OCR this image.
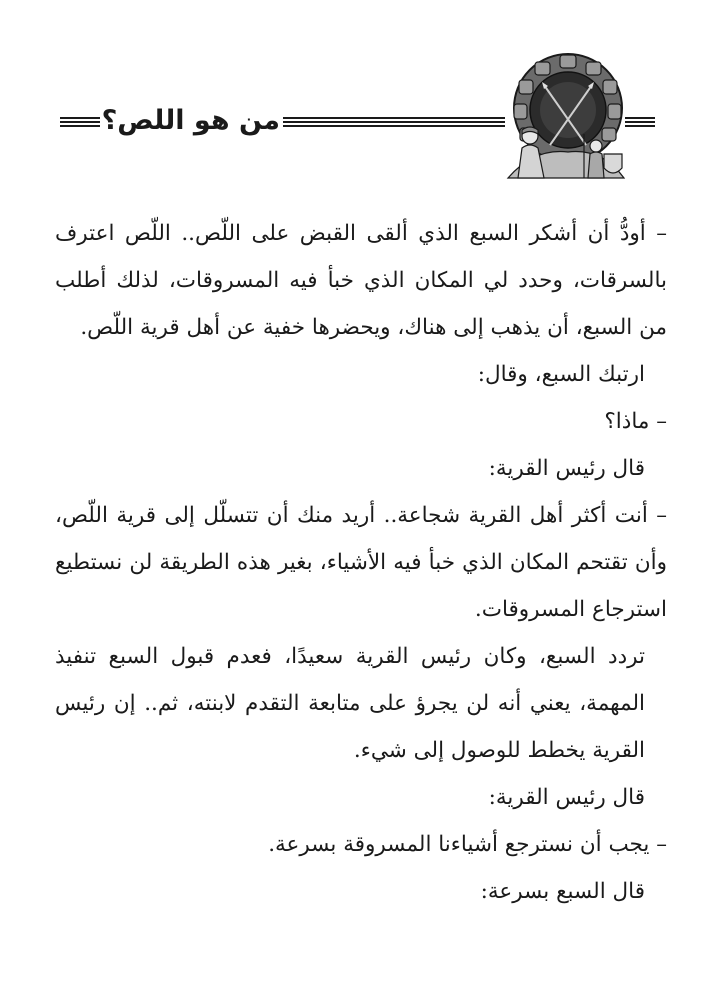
من هو اللص؟

– أودُّ أن أشكر السبع الذي ألقى القبض على اللّص.. اللّص اعترف بالسرقات، وحدد لي المكان الذي خبأ فيه المسروقات، لذلك أطلب من السبع، أن يذهب إلى هناك، ويحضرها خفية عن أهل قرية اللّص.

ارتبك السبع، وقال:

– ماذا؟

قال رئيس القرية:

– أنت أكثر أهل القرية شجاعة.. أريد منك أن تتسلّل إلى قرية اللّص، وأن تقتحم المكان الذي خبأ فيه الأشياء، بغير هذه الطريقة لن نستطيع استرجاع المسروقات.

تردد السبع، وكان رئيس القرية سعيدًا، فعدم قبول السبع تنفيذ المهمة، يعني أنه لن يجرؤ على متابعة التقدم لابنته، ثم.. إن رئيس القرية يخطط للوصول إلى شيء.

قال رئيس القرية:

– يجب أن نسترجع أشياءنا المسروقة بسرعة.

قال السبع بسرعة:
